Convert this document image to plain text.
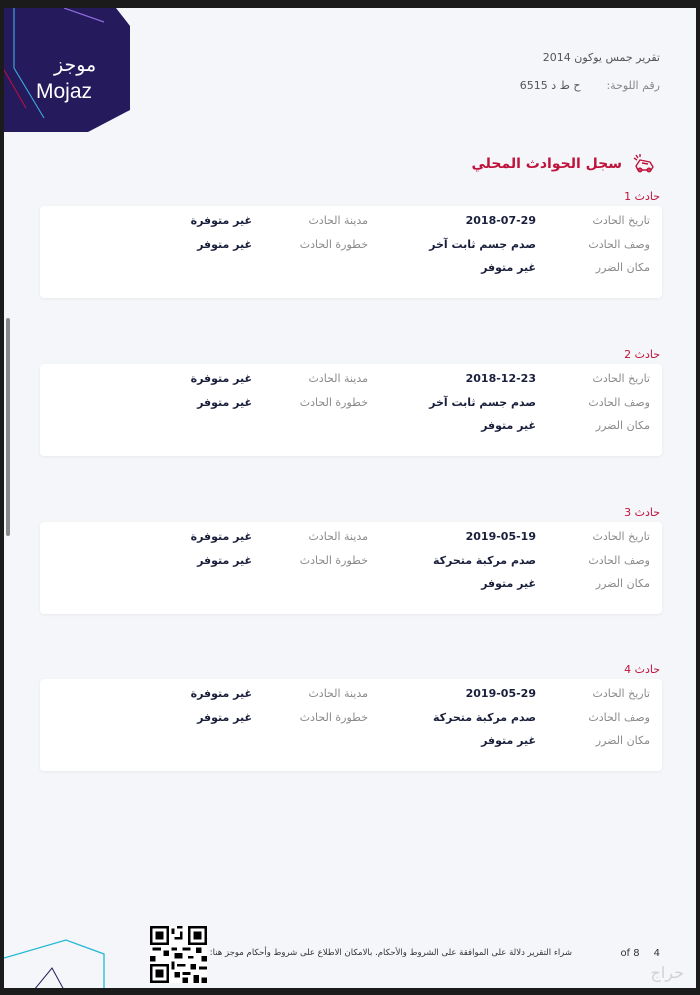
موجز
Mojaz
تقرير جمس يوكون 2014
رقم اللوحة:ح ط د 6515
سجل الحوادث المحلي
حادث 1
تاريخ الحادث
2018-07-29
مدينة الحادث
غير متوفرة
وصف الحادث
صدم جسم ثابت آخر
خطورة الحادث
غير متوفر
مكان الضرر
غير متوفر
حادث 2
تاريخ الحادث
2018-12-23
مدينة الحادث
غير متوفرة
وصف الحادث
صدم جسم ثابت آخر
خطورة الحادث
غير متوفر
مكان الضرر
غير متوفر
حادث 3
تاريخ الحادث
2019-05-19
مدينة الحادث
غير متوفرة
وصف الحادث
صدم مركبة متحركة
خطورة الحادث
غير متوفر
مكان الضرر
غير متوفر
حادث 4
تاريخ الحادث
2019-05-29
مدينة الحادث
غير متوفرة
وصف الحادث
صدم مركبة متحركة
خطورة الحادث
غير متوفر
مكان الضرر
غير متوفر
شراء التقرير دلالة على الموافقة على الشروط والأحكام. بالامكان الاطلاع على شروط وأحكام موجز هنا:	of 8 4
حراج
